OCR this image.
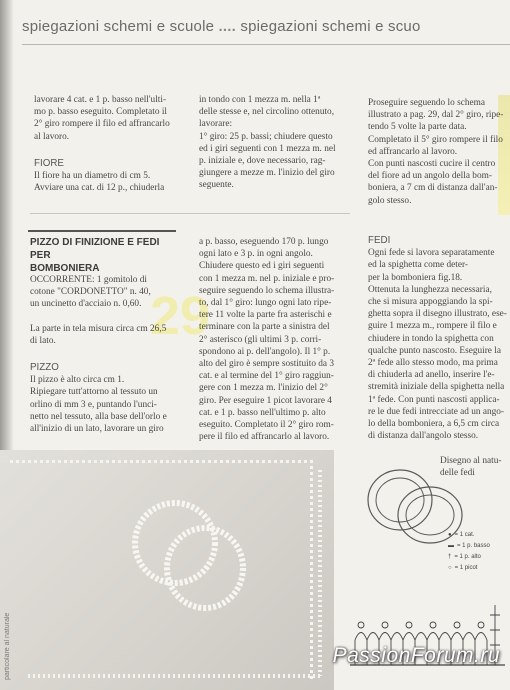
spiegazioni schemi e scuole .... spiegazioni schemi e scuo

lavorare 4 cat. e 1 p. basso nell'ulti-

mo p. basso eseguito. Completato il

2° giro rompere il filo ed affrancarlo

al lavoro.

FIORE

Il fiore ha un diametro di cm 5.

Avviare una cat. di 12 p., chiuderla

in tondo con 1 mezza m. nella 1ª

delle stesse e, nel circolino ottenuto,

lavorare:

1° giro: 25 p. bassi; chiudere questo

ed i giri seguenti con 1 mezza m. nel

p. iniziale e, dove necessario, rag-

giungere a mezze m. l'inizio del giro

seguente.

Proseguire seguendo lo schema

illustrato a pag. 29, dal 2° giro, ripe-

tendo 5 volte la parte data.

Completato il 5° giro rompere il filo

ed affrancarlo al lavoro.

Con punti nascosti cucire il centro

del fiore ad un angolo della bom-

boniera, a 7 cm di distanza dall'an-

golo stesso.

29
PIZZO DI FINIZIONE E FEDI PER
BOMBONIERA

OCCORRENTE: 1 gomitolo di

cotone "CORDONETTO" n. 40,

un uncinetto d'acciaio n. 0,60.

La parte in tela misura circa cm 26,5

di lato.

PIZZO

Il pizzo è alto circa cm 1.

Ripiegare tutt'attorno al tessuto un

orlino di mm 3 e, puntando l'unci-

netto nel tessuto, alla base dell'orlo e

all'inizio di un lato, lavorare un giro

a p. basso, eseguendo 170 p. lungo

ogni lato e 3 p. in ogni angolo.

Chiudere questo ed i giri seguenti

con 1 mezza m. nel p. iniziale e pro-

seguire seguendo lo schema illustra-

to, dal 1° giro: lungo ogni lato ripe-

tere 11 volte la parte fra asterischi e

terminare con la parte a sinistra del

2° asterisco (gli ultimi 3 p. corri-

spondono ai p. dell'angolo). Il 1° p.

alto del giro è sempre sostituito da 3

cat. e al termine del 1° giro raggiun-

gere con 1 mezza m. l'inizio del 2°

giro. Per eseguire 1 picot lavorare 4

cat. e 1 p. basso nell'ultimo p. alto

eseguito. Completato il 2° giro rom-

pere il filo ed affrancarlo al lavoro.

FEDI

Ogni fede si lavora separatamente

ed la spighetta come deter-

per la bomboniera fig.18.

Ottenuta la lunghezza necessaria,

che si misura appoggiando la spi-

ghetta sopra il disegno illustrato, ese-

guire 1 mezza m., rompere il filo e

chiudere in tondo la spighetta con

qualche punto nascosto. Eseguire la

2ª fede allo stesso modo, ma prima

di chiuderla ad anello, inserire l'e-

stremità iniziale della spighetta nella

1ª fede. Con punti nascosti applica-

re le due fedi intrecciate ad un ango-

lo della bomboniera, a 6,5 cm circa

di distanza dall'angolo stesso.

particolare al naturale
Disegno al natu-
delle fedi
● = 1 cat.
▬ = 1 p. basso
† = 1 p. alto
○ = 1 picot
PassionForum.ru
